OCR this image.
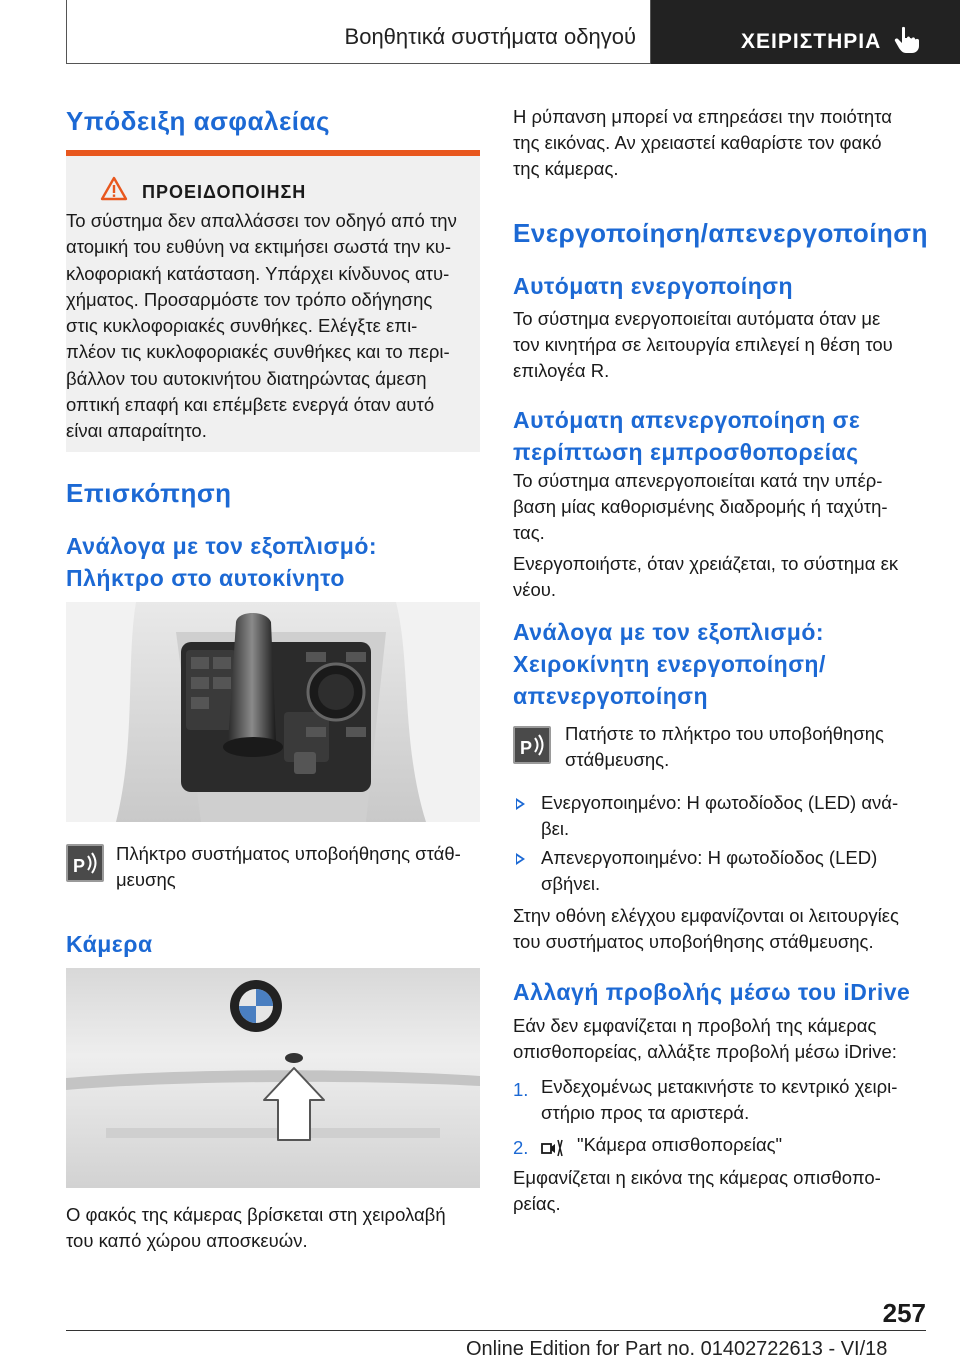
Βοηθητικά συστήματα οδηγού	ΧΕΙΡΙΣΤΗΡΙΑ
Υπόδειξη ασφαλείας
ΠΡΟΕΙΔΟΠΟΙΗΣΗ
Το σύστημα δεν απαλλάσσει τον οδηγό από την
ατομική του ευθύνη να εκτιμήσει σωστά την κυ-
κλοφοριακή κατάσταση. Υπάρχει κίνδυνος ατυ-
χήματος. Προσαρμόστε τον τρόπο οδήγησης
στις κυκλοφοριακές συνθήκες. Ελέγξτε επι-
πλέον τις κυκλοφοριακές συνθήκες και το περι-
βάλλον του αυτοκινήτου διατηρώντας άμεση
οπτική επαφή και επέμβετε ενεργά όταν αυτό
είναι απαραίτητο.
Επισκόπηση
Ανάλογα με τον εξοπλισμό:
Πλήκτρο στο αυτοκίνητο
P

Πλήκτρο συστήματος υποβοήθησης στάθ-
μευσης

Κάμερα

Ο φακός της κάμερας βρίσκεται στη χειρολαβή
του καπό χώρου αποσκευών.

Η ρύπανση μπορεί να επηρεάσει την ποιότητα
της εικόνας. Αν χρειαστεί καθαρίστε τον φακό
της κάμερας.

Ενεργοποίηση/απενεργοποίηση
Αυτόματη ενεργοποίηση

Το σύστημα ενεργοποιείται αυτόματα όταν με
τον κινητήρα σε λειτουργία επιλεγεί η θέση του
επιλογέα R.

Αυτόματη απενεργοποίηση σε
περίπτωση εμπροσθοπορείας

Το σύστημα απενεργοποιείται κατά την υπέρ-
βαση μίας καθορισμένης διαδρομής ή ταχύτη-
τας.

Ενεργοποιήστε, όταν χρειάζεται, το σύστημα εκ
νέου.

Ανάλογα με τον εξοπλισμό:
Χειροκίνητη ενεργοποίηση/
απενεργοποίηση
P

Πατήστε το πλήκτρο του υποβοήθησης
στάθμευσης.

Ενεργοποιημένο: Η φωτοδίοδος (LED) ανά-
βει.

Απενεργοποιημένο: Η φωτοδίοδος (LED)
σβήνει.

Στην οθόνη ελέγχου εμφανίζονται οι λειτουργίες
του συστήματος υποβοήθησης στάθμευσης.

Αλλαγή προβολής μέσω του iDrive

Εάν δεν εμφανίζεται η προβολή της κάμερας
οπισθοπορείας, αλλάξτε προβολή μέσω iDrive:

1. Ενδεχομένως μετακινήστε το κεντρικό χειρι-
στήριο προς τα αριστερά.

2.	"Κάμερα οπισθοπορείας"

Εμφανίζεται η εικόνα της κάμερας οπισθοπο-
ρείας.

257
Online Edition for Part no. 01402722613 - VI/18
